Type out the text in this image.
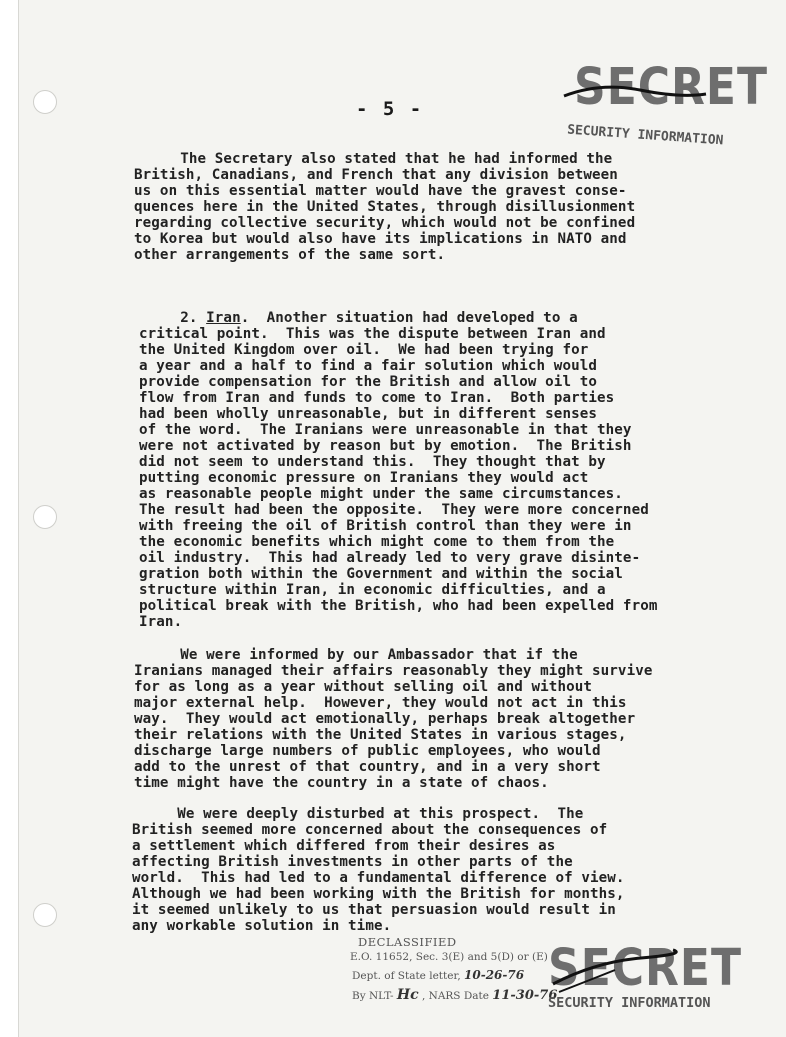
SECRET
SECURITY INFORMATION
- 5 -

The Secretary also stated that he had informed the

British, Canadians, and French that any division between

us on this essential matter would have the gravest conse-

quences here in the United States, through disillusionment

regarding collective security, which would not be confined

to Korea but would also have its implications in NATO and

other arrangements of the same sort.

2. Iran.  Another situation had developed to a

critical point.  This was the dispute between Iran and

the United Kingdom over oil.  We had been trying for

a year and a half to find a fair solution which would

provide compensation for the British and allow oil to

flow from Iran and funds to come to Iran.  Both parties

had been wholly unreasonable, but in different senses

of the word.  The Iranians were unreasonable in that they

were not activated by reason but by emotion.  The British

did not seem to understand this.  They thought that by

putting economic pressure on Iranians they would act

as reasonable people might under the same circumstances.

The result had been the opposite.  They were more concerned

with freeing the oil of British control than they were in

the economic benefits which might come to them from the

oil industry.  This had already led to very grave disinte-

gration both within the Government and within the social

structure within Iran, in economic difficulties, and a

political break with the British, who had been expelled from

Iran.

We were informed by our Ambassador that if the

Iranians managed their affairs reasonably they might survive

for as long as a year without selling oil and without

major external help.  However, they would not act in this

way.  They would act emotionally, perhaps break altogether

their relations with the United States in various stages,

discharge large numbers of public employees, who would

add to the unrest of that country, and in a very short

time might have the country in a state of chaos.

We were deeply disturbed at this prospect.  The

British seemed more concerned about the consequences of

a settlement which differed from their desires as

affecting British investments in other parts of the

world.  This had led to a fundamental difference of view.

Although we had been working with the British for months,

it seemed unlikely to us that persuasion would result in

any workable solution in time.

DECLASSIFIED
E.O. 11652, Sec. 3(E) and 5(D) or (E)
Dept. of State letter, 10-26-76
By NLT- Hc , NARS Date 11-30-76
SECRET
SECURITY INFORMATION
